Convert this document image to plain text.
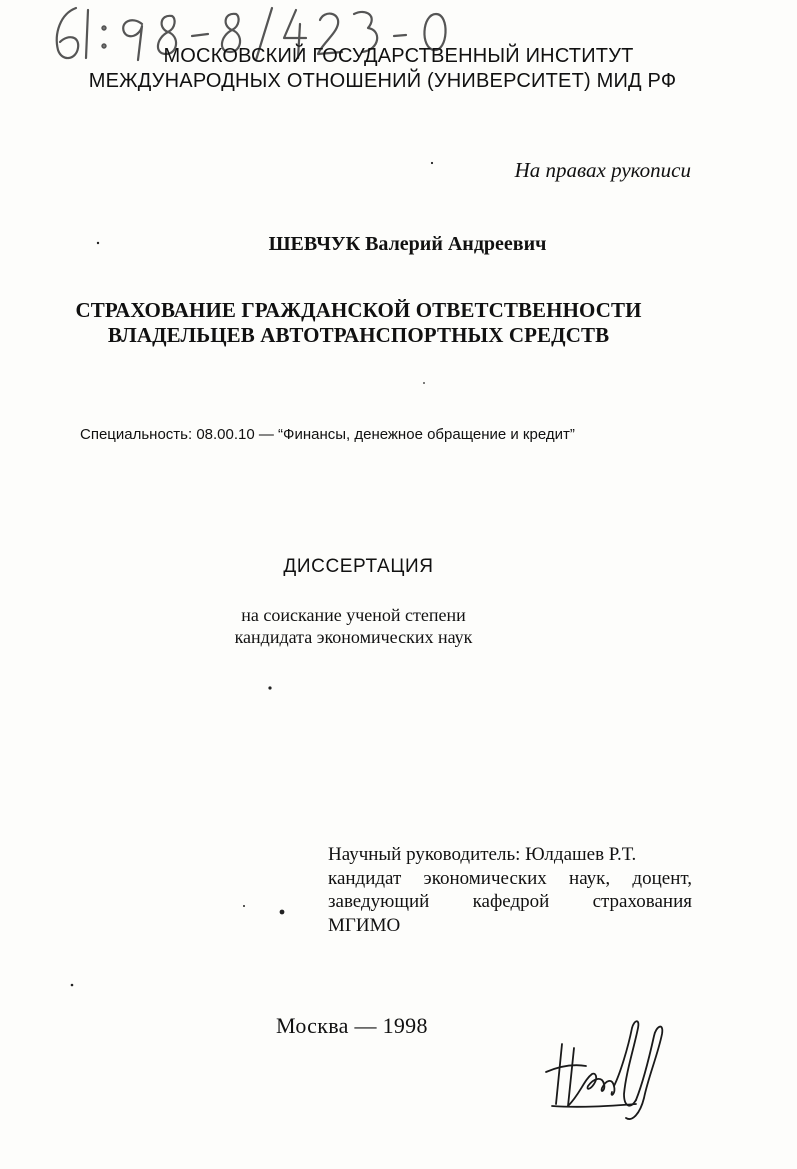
МОСКОВСКИЙ ГОСУДАРСТВЕННЫЙ ИНСТИТУТ
МЕЖДУНАРОДНЫХ ОТНОШЕНИЙ (УНИВЕРСИТЕТ) МИД РФ
На правах рукописи
ШЕВЧУК Валерий Андреевич
СТРАХОВАНИЕ ГРАЖДАНСКОЙ ОТВЕТСТВЕННОСТИ
ВЛАДЕЛЬЦЕВ АВТОТРАНСПОРТНЫХ СРЕДСТВ
Специальность: 08.00.10 — “Финансы, денежное обращение и кредит”
ДИССЕРТАЦИЯ
на соискание ученой степени
кандидата экономических наук
Научный руководитель: Юлдашев Р.Т.
кандидат экономических наук, доцент,
заведующий кафедрой страхования
МГИМО
Москва — 1998
